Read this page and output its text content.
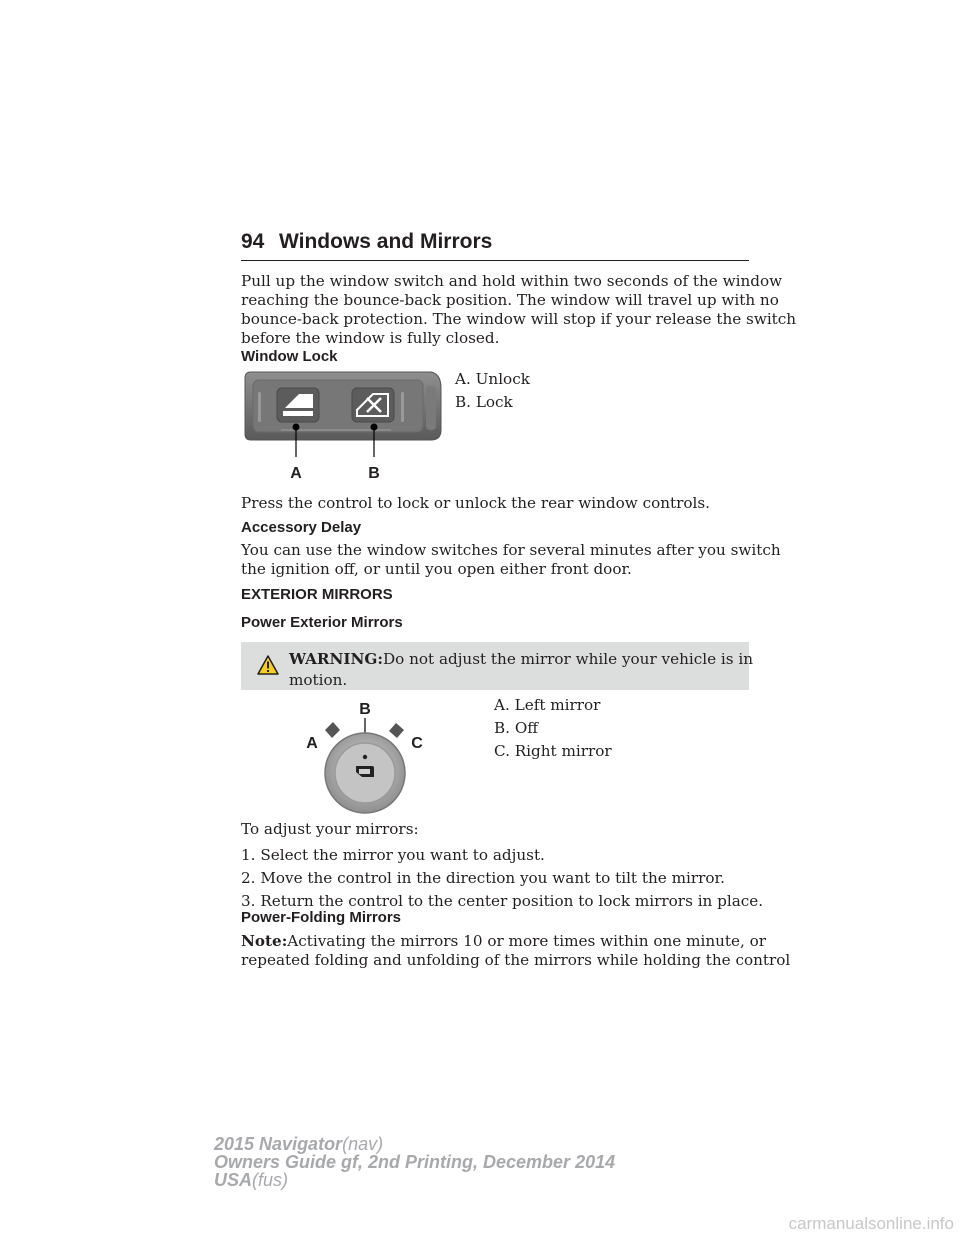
94 Windows and Mirrors
Pull up the window switch and hold within two seconds of the window
reaching the bounce-back position. The window will travel up with no
bounce-back protection. The window will stop if your release the switch
before the window is fully closed.
Window Lock
A	B
A. Unlock
B. Lock
Press the control to lock or unlock the rear window controls.
Accessory Delay
You can use the window switches for several minutes after you switch
the ignition off, or until you open either front door.
EXTERIOR MIRRORS
Power Exterior Mirrors
WARNING:Do not adjust the mirror while your vehicle is in
motion.
B
A	C
A. Left mirror
B. Off
C. Right mirror
To adjust your mirrors:
1. Select the mirror you want to adjust.
2. Move the control in the direction you want to tilt the mirror.
3. Return the control to the center position to lock mirrors in place.
Power-Folding Mirrors
Note:Activating the mirrors 10 or more times within one minute, or
repeated folding and unfolding of the mirrors while holding the control
2015 Navigator(nav)
Owners Guide gf, 2nd Printing, December 2014
USA(fus)
carmanualsonline.info
